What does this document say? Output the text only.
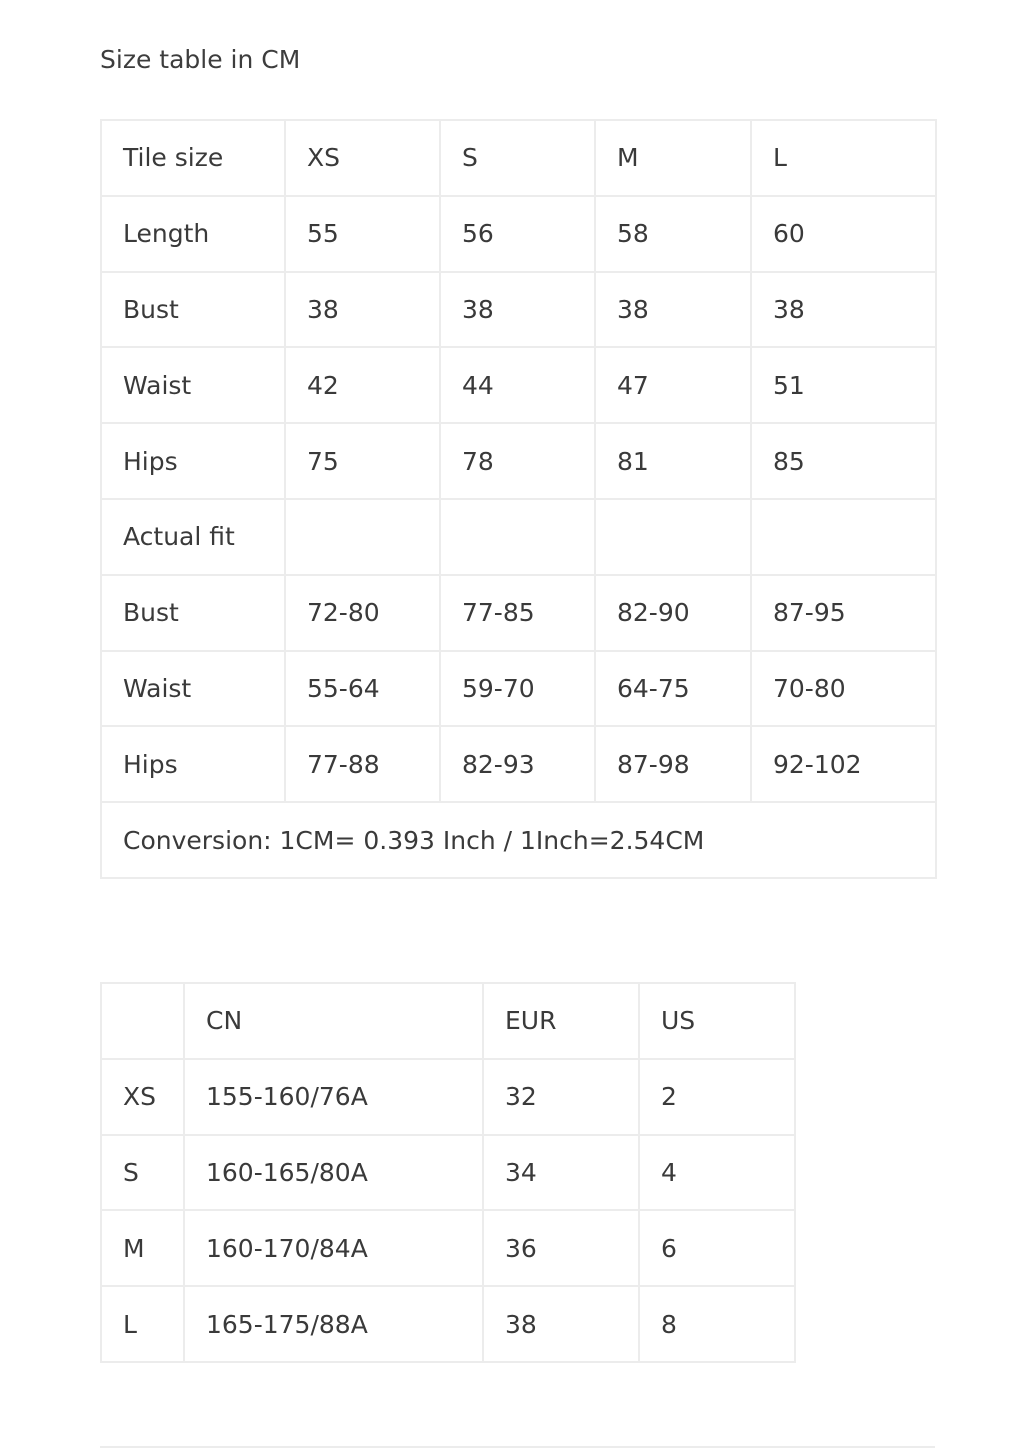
Size table in CM
Tile size	XS	S	M	L
Length	55	56	58	60
Bust	38	38	38	38
Waist	42	44	47	51
Hips	75	78	81	85
Actual fit				
Bust	72-80	77-85	82-90	87-95
Waist	55-64	59-70	64-75	70-80
Hips	77-88	82-93	87-98	92-102
Conversion: 1CM= 0.393 Inch / 1Inch=2.54CM				
	CN	EUR	US
XS	155-160/76A	32	2
S	160-165/80A	34	4
M	160-170/84A	36	6
L	165-175/88A	38	8
